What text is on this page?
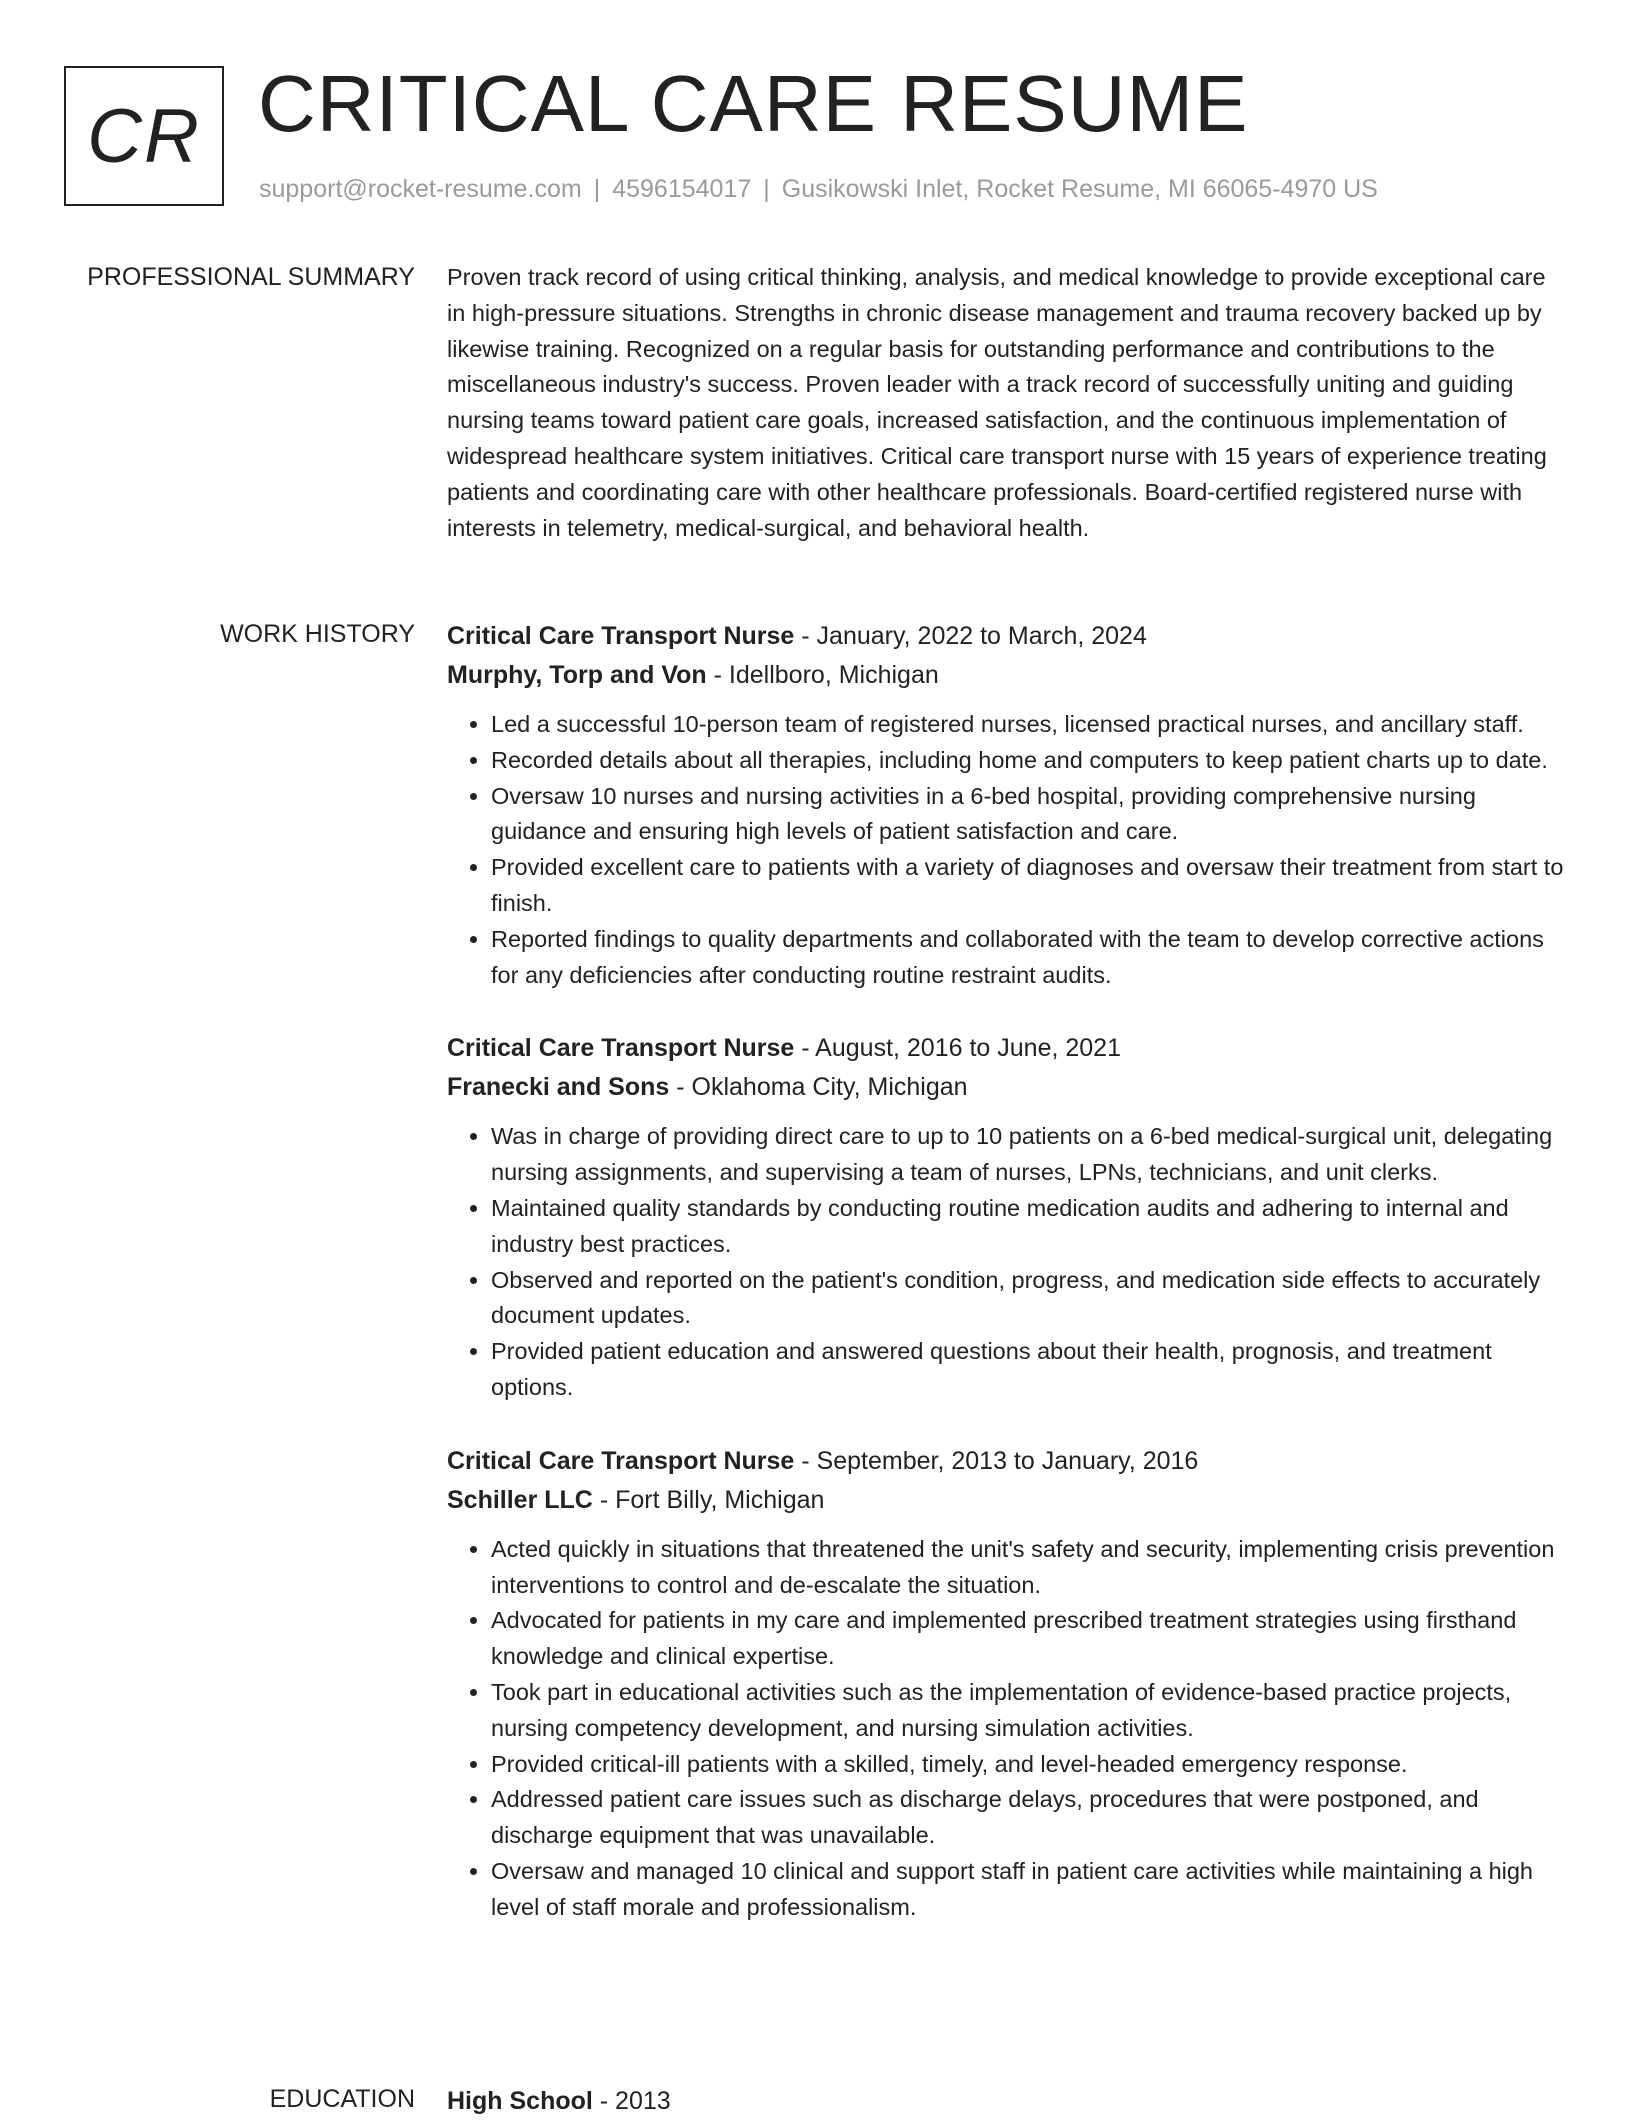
CR CRITICAL CARE RESUME
support@rocket-resume.com | 4596154017 | Gusikowski Inlet, Rocket Resume, MI 66065-4970 US
PROFESSIONAL SUMMARY Proven track record of using critical thinking, analysis, and medical knowledge to provide exceptional care in high-pressure situations. Strengths in chronic disease management and trauma recovery backed up by likewise training. Recognized on a regular basis for outstanding performance and contributions to the miscellaneous industry's success. Proven leader with a track record of successfully uniting and guiding nursing teams toward patient care goals, increased satisfaction, and the continuous implementation of widespread healthcare system initiatives. Critical care transport nurse with 15 years of experience treating patients and coordinating care with other healthcare professionals. Board-certified registered nurse with interests in telemetry, medical-surgical, and behavioral health.

WORK HISTORY Critical Care Transport Nurse - January, 2022 to March, 2024
Murphy, Torp and Von - Idellboro, Michigan
• Led a successful 10-person team of registered nurses, licensed practical nurses, and ancillary staff.
• Recorded details about all therapies, including home and computers to keep patient charts up to date.
• Oversaw 10 nurses and nursing activities in a 6-bed hospital, providing comprehensive nursing guidance and ensuring high levels of patient satisfaction and care.
• Provided excellent care to patients with a variety of diagnoses and oversaw their treatment from start to finish.
• Reported findings to quality departments and collaborated with the team to develop corrective actions for any deficiencies after conducting routine restraint audits.
Critical Care Transport Nurse - August, 2016 to June, 2021
Franecki and Sons - Oklahoma City, Michigan
• Was in charge of providing direct care to up to 10 patients on a 6-bed medical-surgical unit, delegating nursing assignments, and supervising a team of nurses, LPNs, technicians, and unit clerks.
• Maintained quality standards by conducting routine medication audits and adhering to internal and industry best practices.
• Observed and reported on the patient's condition, progress, and medication side effects to accurately document updates.
• Provided patient education and answered questions about their health, prognosis, and treatment options.
Critical Care Transport Nurse - September, 2013 to January, 2016
Schiller LLC - Fort Billy, Michigan
• Acted quickly in situations that threatened the unit's safety and security, implementing crisis prevention interventions to control and de-escalate the situation.
• Advocated for patients in my care and implemented prescribed treatment strategies using firsthand knowledge and clinical expertise.
• Took part in educational activities such as the implementation of evidence-based practice projects, nursing competency development, and nursing simulation activities.
• Provided critical-ill patients with a skilled, timely, and level-headed emergency response.
• Addressed patient care issues such as discharge delays, procedures that were postponed, and discharge equipment that was unavailable.
• Oversaw and managed 10 clinical and support staff in patient care activities while maintaining a high level of staff morale and professionalism.
EDUCATION High School - 2013
